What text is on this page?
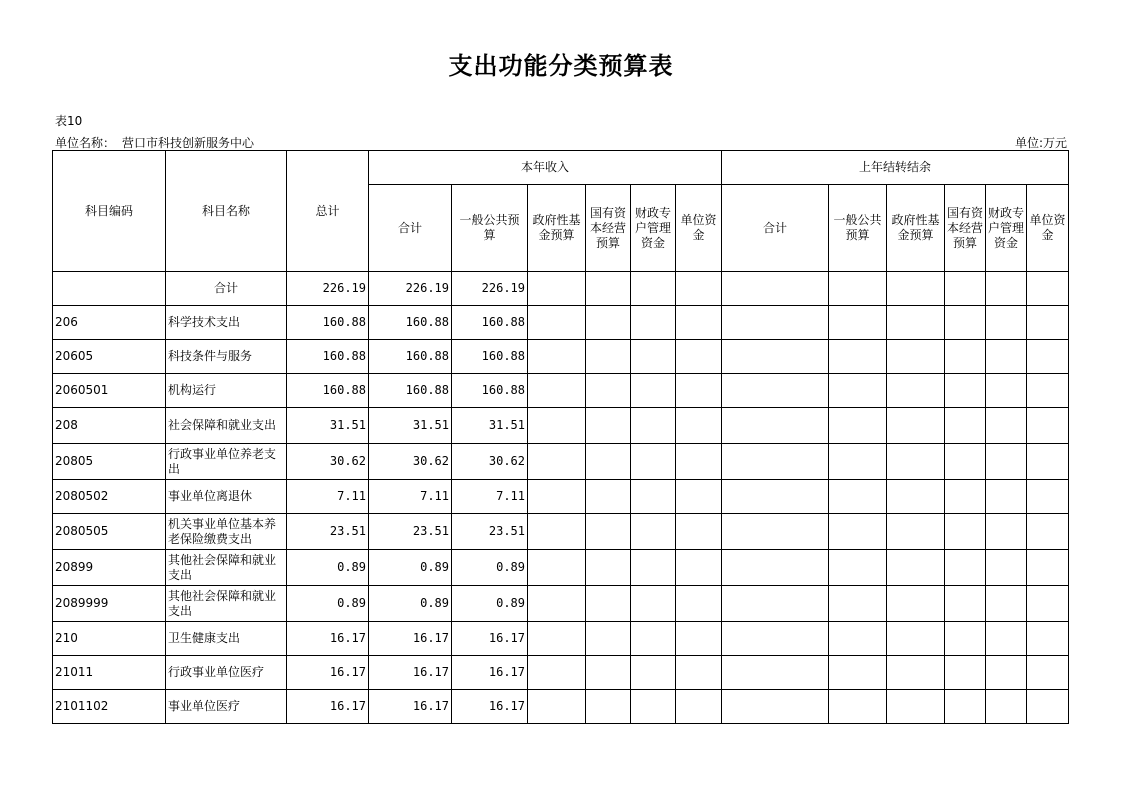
支出功能分类预算表
表10
单位名称： 营口市科技创新服务中心	单位:万元
科目编码	科目名称	总计	本年收入						上年结转结余					
			合计	一般公共预算	政府性基金预算	国有资本经营预算	财政专户管理资金	单位资金	合计	一般公共预算	政府性基金预算	国有资本经营预算	财政专户管理资金	单位资金
	合计	226.19	226.19	226.19										
206	科学技术支出	160.88	160.88	160.88										
20605	科技条件与服务	160.88	160.88	160.88										
2060501	机构运行	160.88	160.88	160.88										
208	社会保障和就业支出	31.51	31.51	31.51										
20805	行政事业单位养老支出	30.62	30.62	30.62										
2080502	事业单位离退休	7.11	7.11	7.11										
2080505	机关事业单位基本养老保险缴费支出	23.51	23.51	23.51										
20899	其他社会保障和就业支出	0.89	0.89	0.89										
2089999	其他社会保障和就业支出	0.89	0.89	0.89										
210	卫生健康支出	16.17	16.17	16.17										
21011	行政事业单位医疗	16.17	16.17	16.17										
2101102	事业单位医疗	16.17	16.17	16.17										
